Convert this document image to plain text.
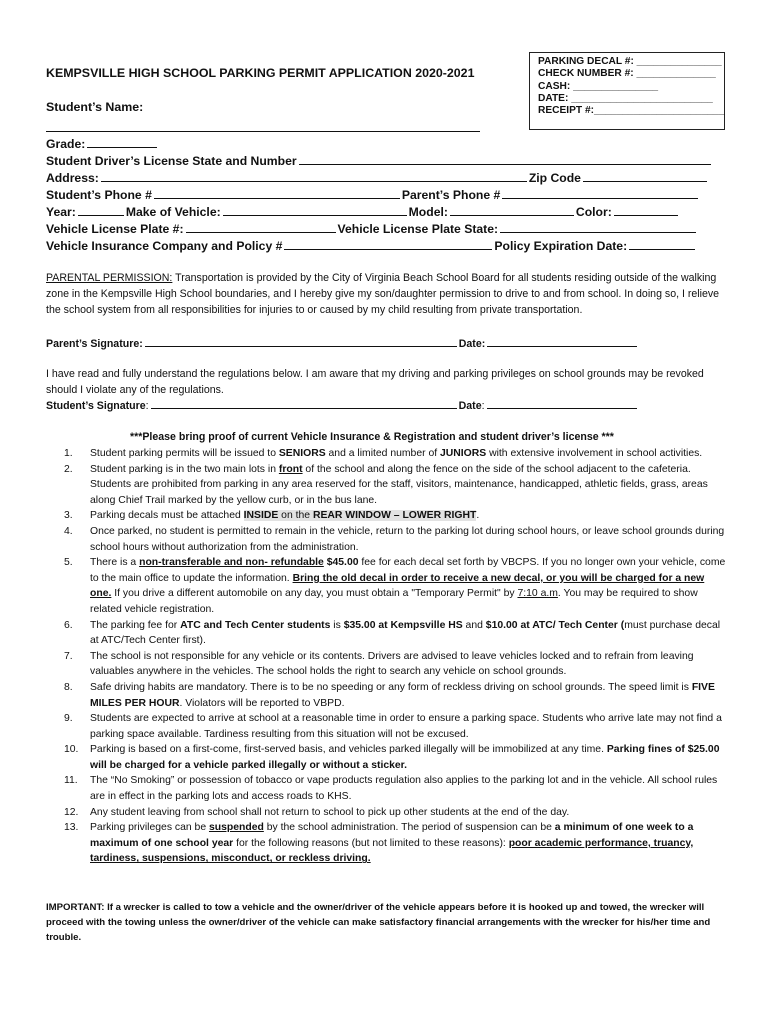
PARKING DECAL #: _______________
CHECK NUMBER #: ______________
CASH: _______________
DATE: _________________________
RECEIPT #:_______________________
KEMPSVILLE HIGH SCHOOL PARKING PERMIT APPLICATION 2020-2021
Student’s Name:
Grade:
Student Driver’s License State and Number
Address:	Zip Code
Student’s Phone #	Parent’s Phone #
Year:	Make of Vehicle:	Model:	Color:
Vehicle License Plate #:	Vehicle License Plate State:
Vehicle Insurance Company and Policy #	Policy Expiration Date:
PARENTAL PERMISSION: Transportation is provided by the City of Virginia Beach School Board for all students residing outside of the walking zone in the Kempsville High School boundaries, and I hereby give my son/daughter permission to drive to and from school. In doing so, I relieve the school system from all responsibilities for injuries to or caused by my child resulting from private transportation.
Parent’s Signature:	Date:
I have read and fully understand the regulations below. I am aware that my driving and parking privileges on school grounds may be revoked should I violate any of the regulations.
Student’s Signature:	Date:
***Please bring proof of current Vehicle Insurance & Registration and student driver’s license ***
1. Student parking permits will be issued to SENIORS and a limited number of JUNIORS with extensive involvement in school activities.
2. Student parking is in the two main lots in front of the school and along the fence on the side of the school adjacent to the cafeteria. Students are prohibited from parking in any area reserved for the staff, visitors, maintenance, handicapped, athletic fields, grass, areas along Chief Trail marked by the yellow curb, or in the bus lane.
3. Parking decals must be attached INSIDE on the REAR WINDOW – LOWER RIGHT.
4. Once parked, no student is permitted to remain in the vehicle, return to the parking lot during school hours, or leave school grounds during school hours without authorization from the administration.
5. There is a non-transferable and non- refundable $45.00 fee for each decal set forth by VBCPS. If you no longer own your vehicle, come to the main office to update the information. Bring the old decal in order to receive a new decal, or you will be charged for a new one. If you drive a different automobile on any day, you must obtain a "Temporary Permit" by 7:10 a.m. You may be required to show related vehicle registration.
6. The parking fee for ATC and Tech Center students is $35.00 at Kempsville HS and $10.00 at ATC/ Tech Center (must purchase decal at ATC/Tech Center first).
7. The school is not responsible for any vehicle or its contents. Drivers are advised to leave vehicles locked and to refrain from leaving valuables anywhere in the vehicles. The school holds the right to search any vehicle on school grounds.
8. Safe driving habits are mandatory. There is to be no speeding or any form of reckless driving on school grounds. The speed limit is FIVE MILES PER HOUR. Violators will be reported to VBPD.
9. Students are expected to arrive at school at a reasonable time in order to ensure a parking space. Students who arrive late may not find a parking space available. Tardiness resulting from this situation will not be excused.
10. Parking is based on a first-come, first-served basis, and vehicles parked illegally will be immobilized at any time. Parking fines of $25.00 will be charged for a vehicle parked illegally or without a sticker.
11. The “No Smoking” or possession of tobacco or vape products regulation also applies to the parking lot and in the vehicle. All school rules are in effect in the parking lots and access roads to KHS.
12. Any student leaving from school shall not return to school to pick up other students at the end of the day.
13. Parking privileges can be suspended by the school administration. The period of suspension can be a minimum of one week to a maximum of one school year for the following reasons (but not limited to these reasons): poor academic performance, truancy, tardiness, suspensions, misconduct, or reckless driving.
IMPORTANT: If a wrecker is called to tow a vehicle and the owner/driver of the vehicle appears before it is hooked up and towed, the wrecker will proceed with the towing unless the owner/driver of the vehicle can make satisfactory financial arrangements with the wrecker for his/her time and trouble.
